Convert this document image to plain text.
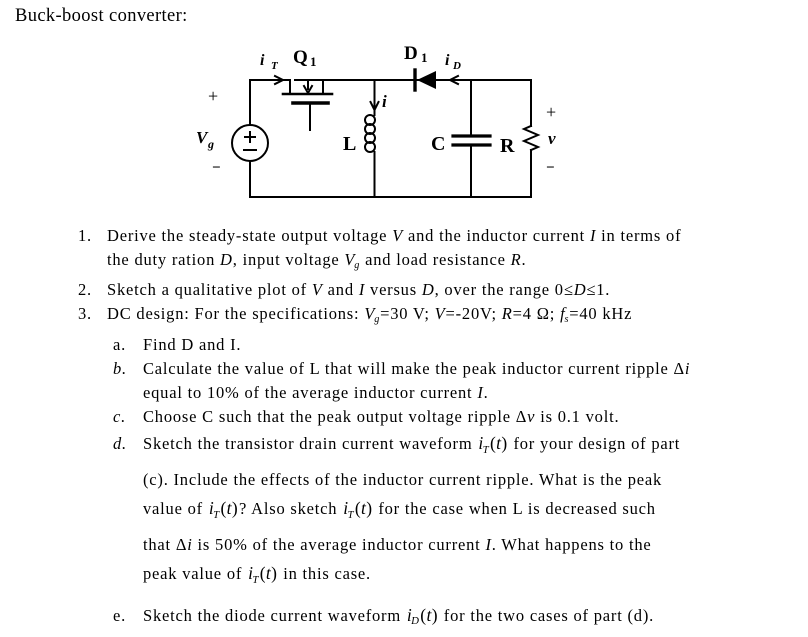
Buck-boost converter:
i T Q 1	D 1 i D
i
L	C	R
V g
+
−
+
v
−
1. Derive the steady-state output voltage V and the inductor current I in terms of
the duty ration D, input voltage Vg and load resistance R.
2. Sketch a qualitative plot of V and I versus D, over the range 0≤D≤1.
3. DC design: For the specifications: Vg=30 V; V=-20V; R=4 Ω; fs=40 kHz
a. Find D and I.
b. Calculate the value of L that will make the peak inductor current ripple Δi
equal to 10% of the average inductor current I.
c. Choose C such that the peak output voltage ripple Δv is 0.1 volt.
d. Sketch the transistor drain current waveform $i_T(t)$ for your design of part
(c). Include the effects of the inductor current ripple. What is the peak
value of $i_T(t)$? Also sketch $i_T(t)$ for the case when L is decreased such
that Δi is 50% of the average inductor current I. What happens to the
peak value of $i_T(t)$ in this case.
e. Sketch the diode current waveform $i_D(t)$ for the two cases of part (d).
